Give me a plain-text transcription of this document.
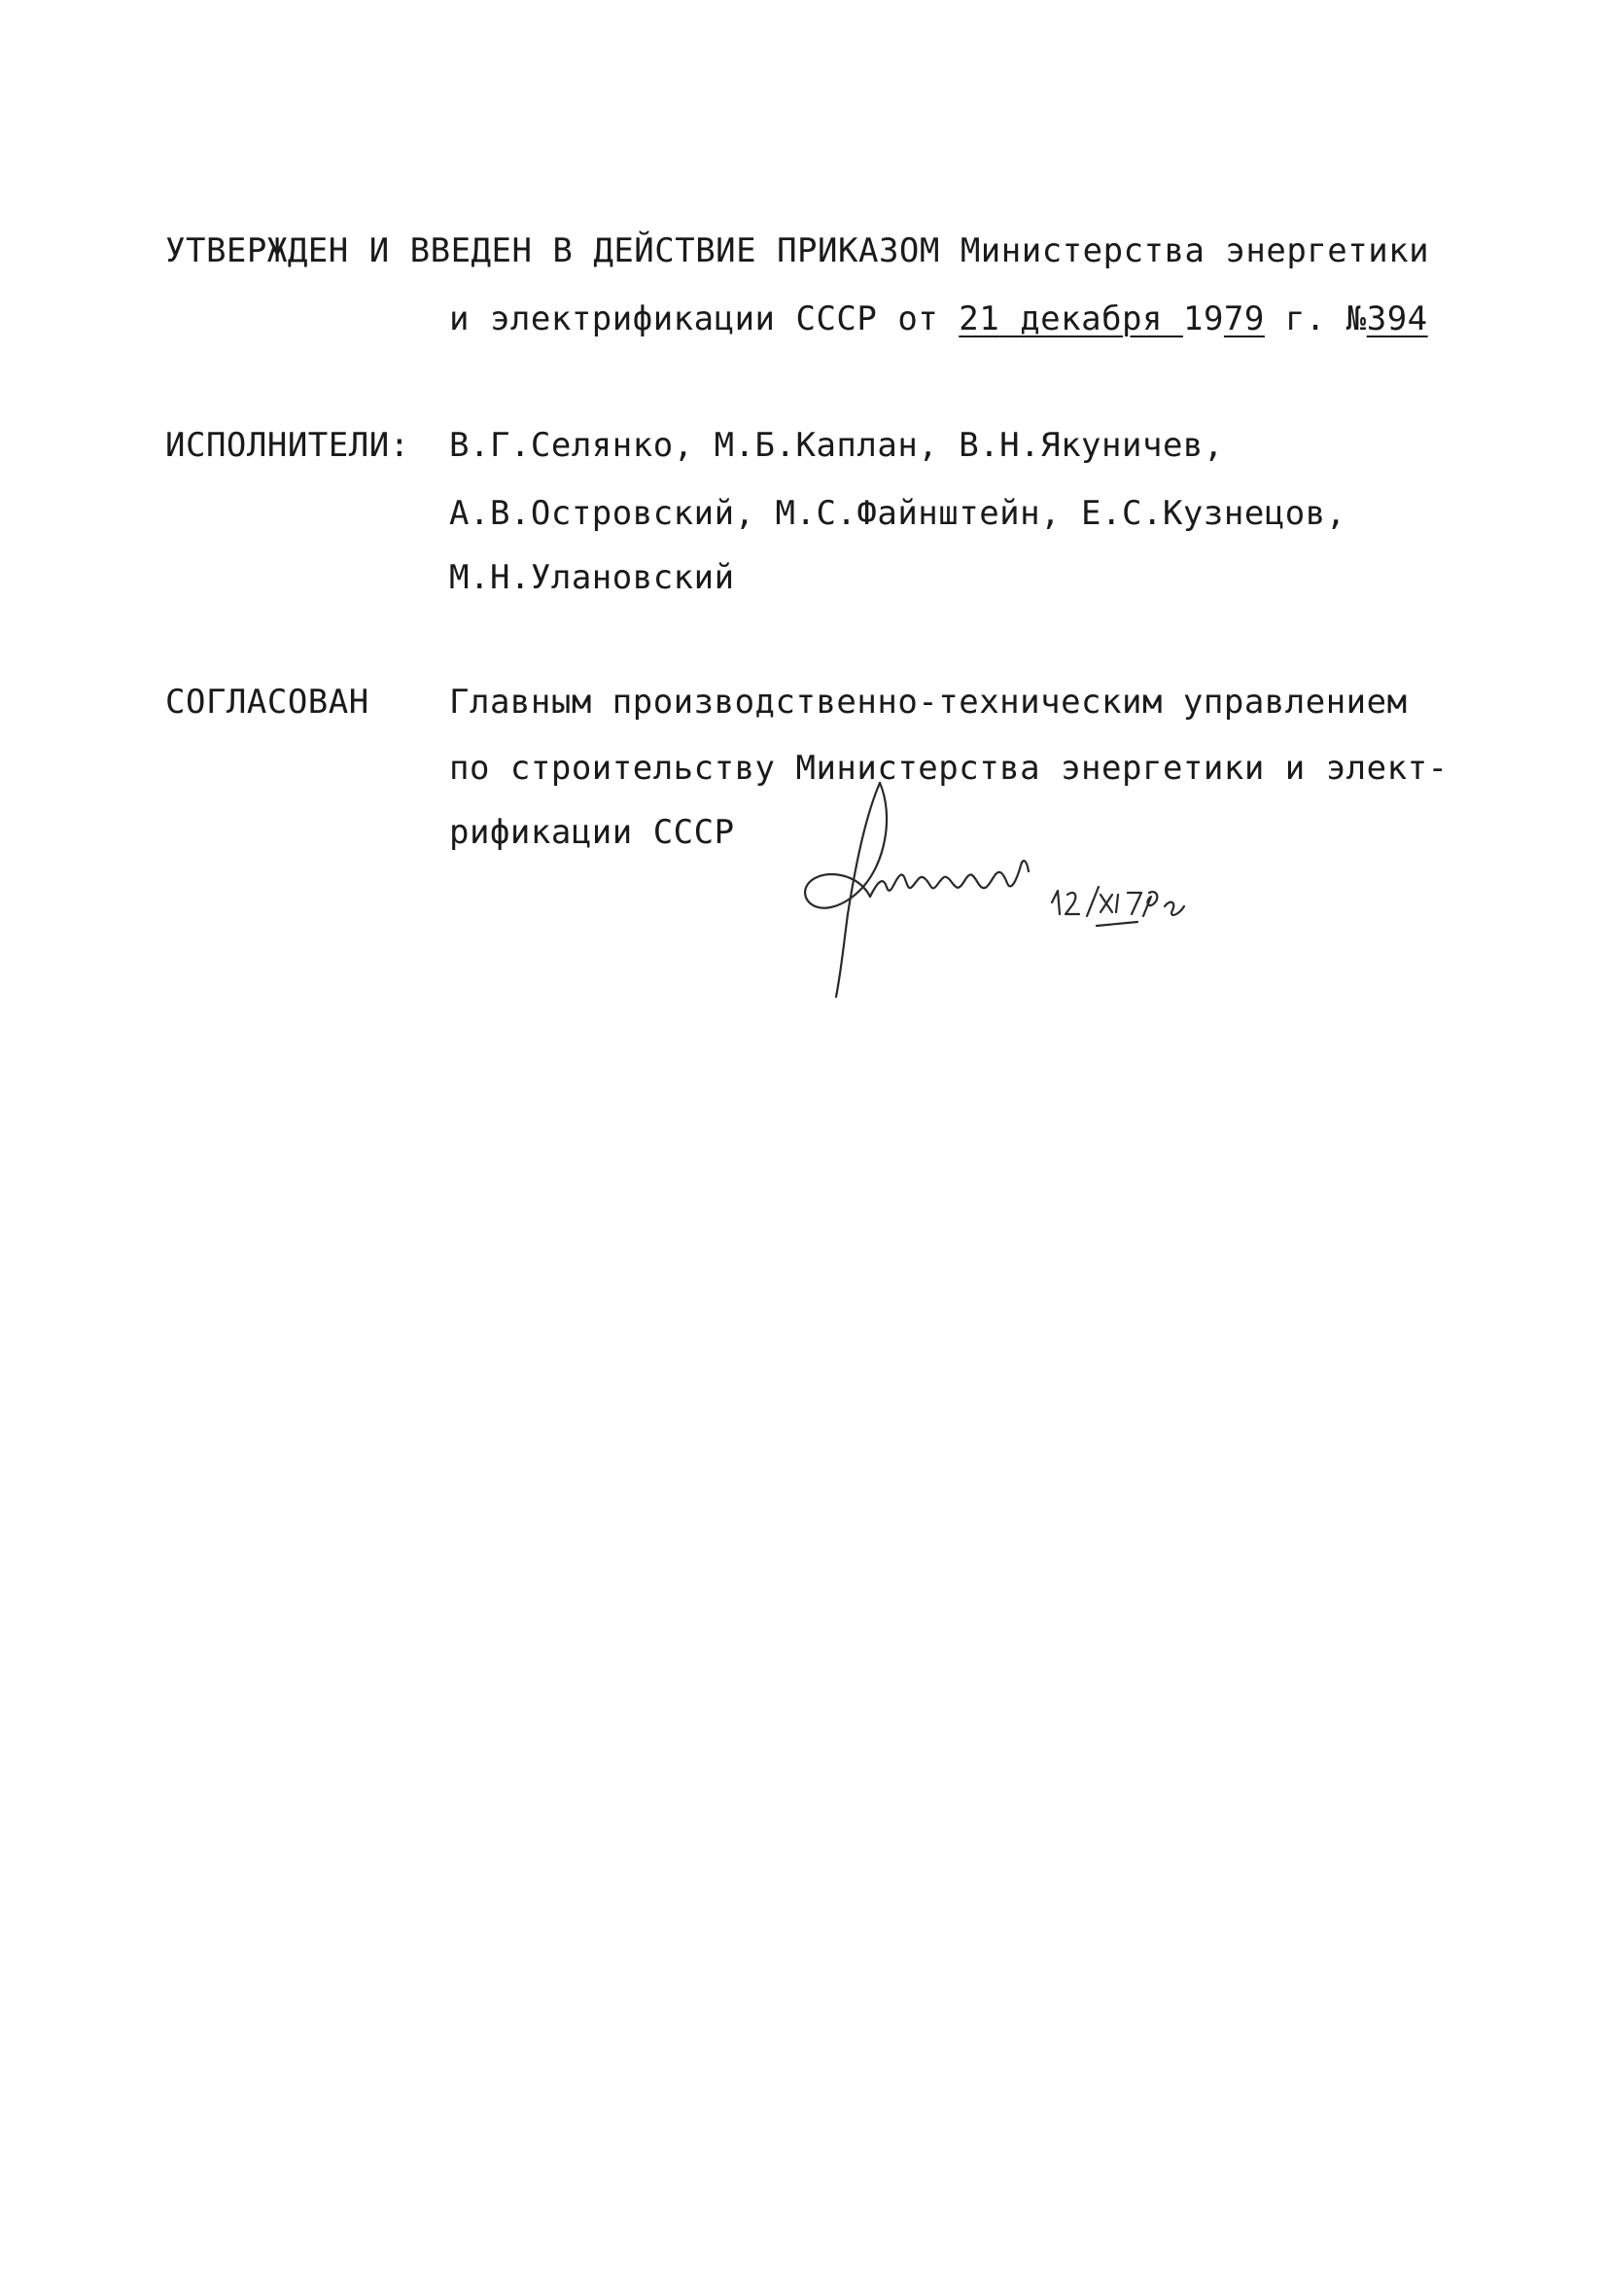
УТВЕРЖДЕН И ВВЕДЕН В ДЕЙСТВИЕ ПРИКАЗОМ Министерства энергетики
и электрификации СССР от 21 декабря 1979 г. №394
ИСПОЛНИТЕЛИ: В.Г.Селянко, М.Б.Каплан, В.Н.Якуничев,
А.В.Островский, М.С.Файнштейн, Е.С.Кузнецов,
М.Н.Улановский
СОГЛАСОВАН Главным производственно-техническим управлением
по строительству Министерства энергетики и элект-
рификации СССР
